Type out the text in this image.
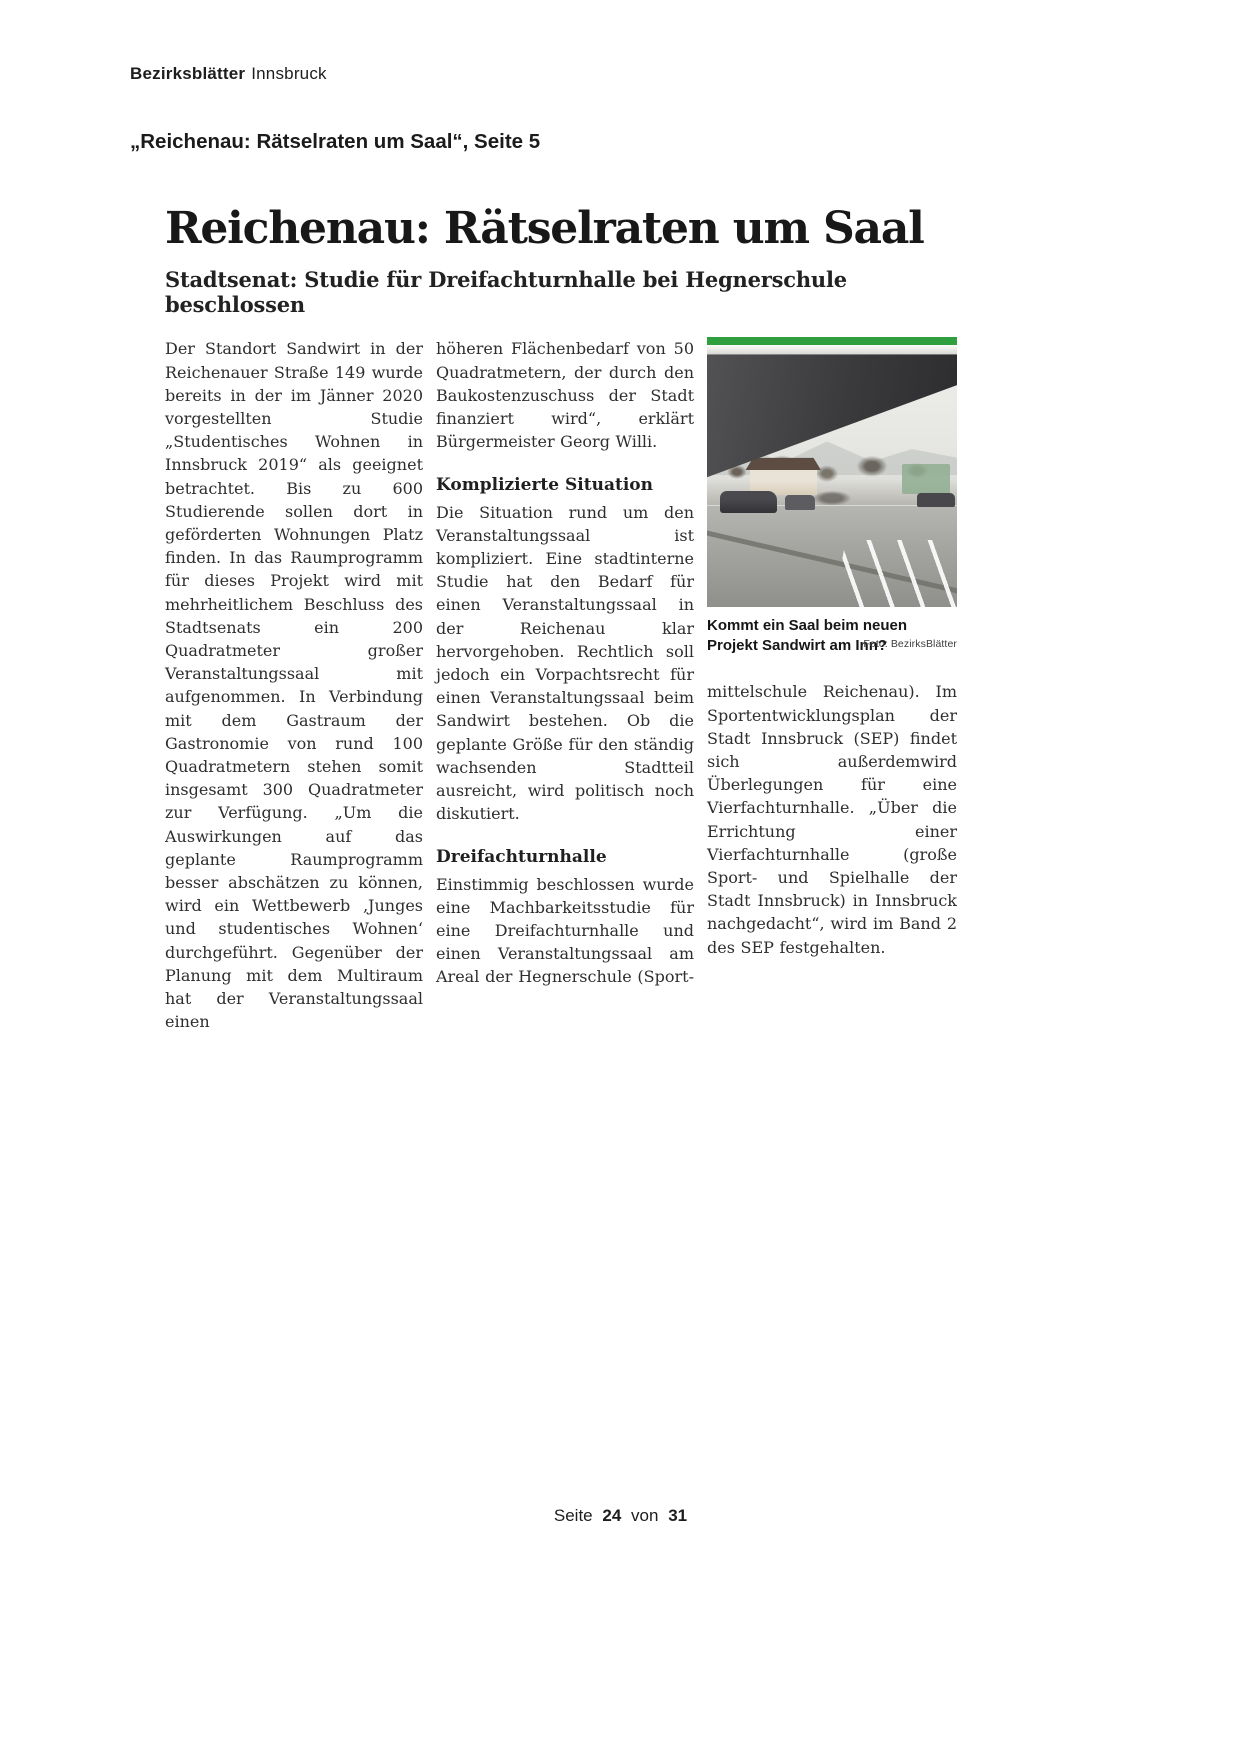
Bezirksblätter Innsbruck
„Reichenau: Rätselraten um Saal“, Seite 5
Reichenau: Rätselraten um Saal
Stadtsenat: Studie für Dreifachturnhalle bei Hegnerschule beschlossen

Der Standort Sandwirt in der Reichenauer Straße 149 wurde bereits in der im Jänner 2020 vorgestellten Studie „Studentisches Wohnen in Innsbruck 2019“ als geeignet betrachtet. Bis zu 600 Studierende sollen dort in geförderten Wohnungen Platz finden. In das Raumprogramm für dieses Projekt wird mit mehrheitlichem Beschluss des Stadtsenats ein 200 Quadratmeter großer Veranstaltungssaal mit aufgenommen. In Verbindung mit dem Gastraum der Gastronomie von rund 100 Quadratmetern stehen somit insgesamt 300 Quadratmeter zur Verfügung. „Um die Auswirkungen auf das geplante Raumprogramm besser abschätzen zu können, wird ein Wettbewerb ‚Junges und studentisches Wohnen‘ durchgeführt. Gegenüber der Planung mit dem Multiraum hat der Veranstaltungssaal einen

höheren Flächenbedarf von 50 Quadratmetern, der durch den Baukostenzuschuss der Stadt finanziert wird“, erklärt Bürgermeister Georg Willi.

Komplizierte Situation

Die Situation rund um den Veranstaltungssaal ist kompliziert. Eine stadtinterne Studie hat den Bedarf für einen Veranstaltungssaal in der Reichenau klar hervorgehoben. Rechtlich soll jedoch ein Vorpachtsrecht für einen Veranstaltungssaal beim Sandwirt bestehen. Ob die geplante Größe für den ständig wachsenden Stadtteil ausreicht, wird politisch noch diskutiert.

Dreifachturnhalle

Einstimmig beschlossen wurde eine Machbarkeitsstudie für eine Dreifachturnhalle und einen Veranstaltungssaal am Areal der Hegnerschule (Sport-

Kommt ein Saal beim neuen Projekt Sandwirt am Inn?
Foto: BezirksBlätter

mittelschule Reichenau). Im Sportentwicklungsplan der Stadt Innsbruck (SEP) findet sich außerdemwird Überlegungen für eine Vierfachturnhalle. „Über die Errichtung einer Vierfachturnhalle (große Sport- und Spielhalle der Stadt Innsbruck) in Innsbruck nachgedacht“, wird im Band 2 des SEP festgehalten.

Seite 24 von 31
